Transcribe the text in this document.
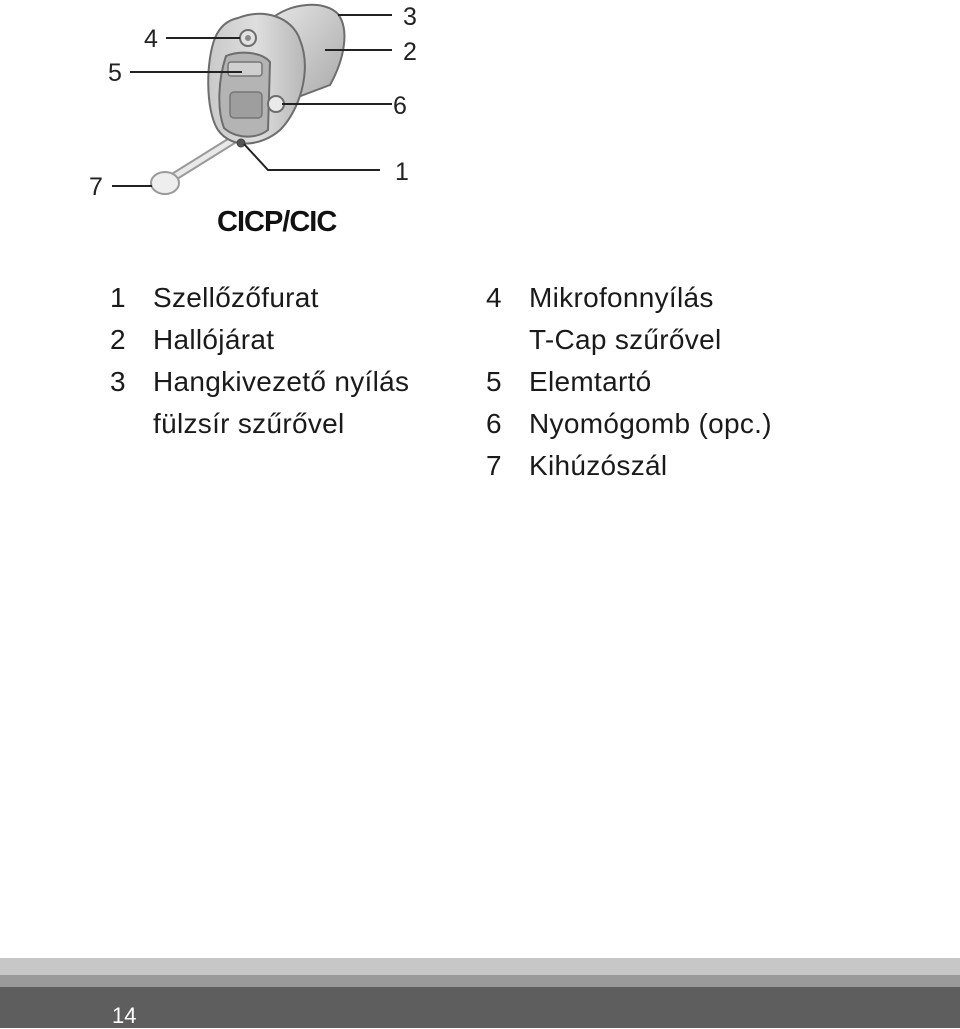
3
4	2
5
6
7
1
CICP/CIC
1 Szellőzőfurat
2 Hallójárat
3 Hangkivezető nyílás
fülzsír szűrővel
4 Mikrofonnyílás
T-Cap szűrővel
5 Elemtartó
6 Nyomógomb (opc.)
7 Kihúzószál
14
